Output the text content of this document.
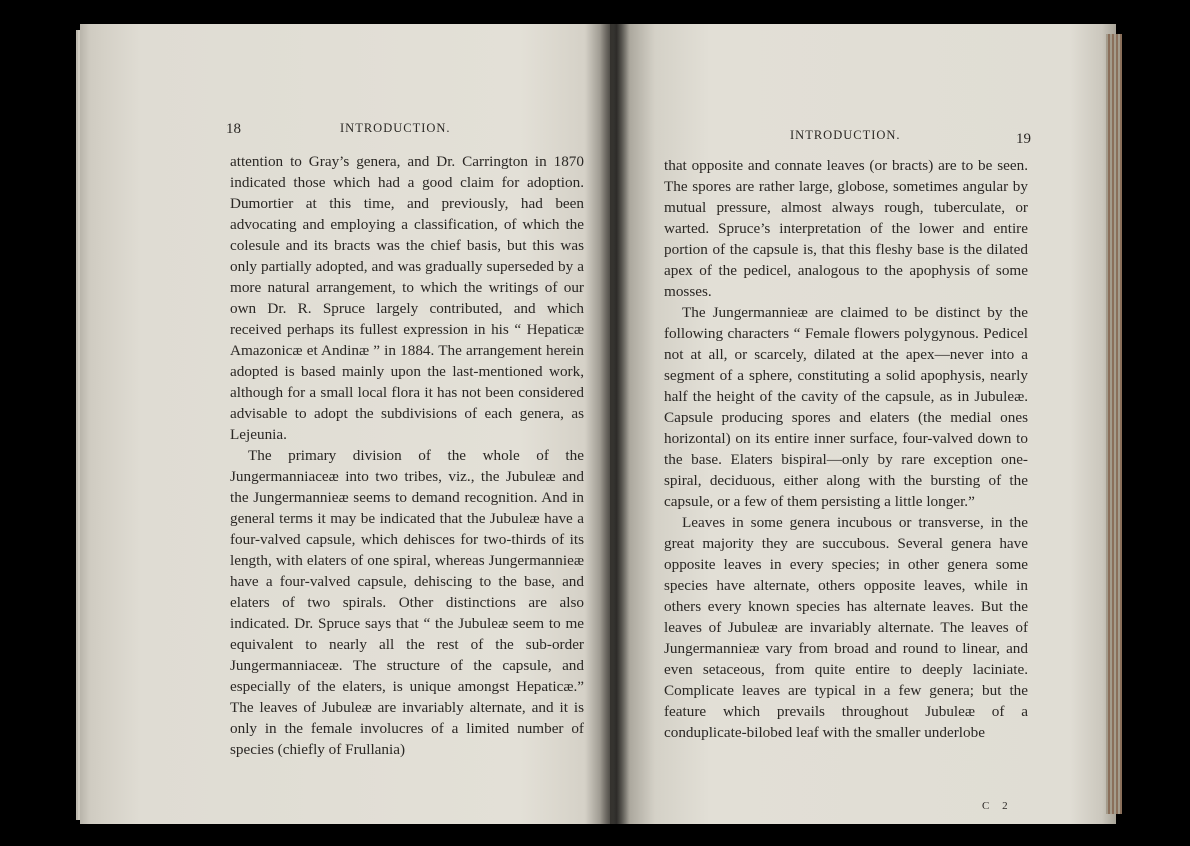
18	INTRODUCTION.

attention to Gray’s genera, and Dr. Carrington in 1870 indicated those which had a good claim for adoption. Dumortier at this time, and previously, had been advocating and employing a classification, of which the colesule and its bracts was the chief basis, but this was only partially adopted, and was gradually superseded by a more natural arrangement, to which the writings of our own Dr. R. Spruce largely contributed, and which received perhaps its fullest expression in his “ Hepaticæ Amazonicæ et Andinæ ” in 1884. The arrangement herein adopted is based mainly upon the last-mentioned work, although for a small local flora it has not been considered advisable to adopt the subdivisions of each genera, as Lejeunia.

The primary division of the whole of the Jungermanniaceæ into two tribes, viz., the Jubuleæ and the Jungermannieæ seems to demand recognition. And in general terms it may be indicated that the Jubuleæ have a four-valved capsule, which dehisces for two-thirds of its length, with elaters of one spiral, whereas Jungermannieæ have a four-valved capsule, dehiscing to the base, and elaters of two spirals. Other distinctions are also indicated. Dr. Spruce says that “ the Jubuleæ seem to me equivalent to nearly all the rest of the sub-order Jungermanniaceæ. The structure of the capsule, and especially of the elaters, is unique amongst Hepaticæ.” The leaves of Jubuleæ are invariably alternate, and it is only in the female involucres of a limited number of species (chiefly of Frullania)

INTRODUCTION.	19

that opposite and connate leaves (or bracts) are to be seen. The spores are rather large, globose, sometimes angular by mutual pressure, almost always rough, tuberculate, or warted. Spruce’s interpretation of the lower and entire portion of the capsule is, that this fleshy base is the dilated apex of the pedicel, analogous to the apophysis of some mosses.

The Jungermannieæ are claimed to be distinct by the following characters “ Female flowers polygynous. Pedicel not at all, or scarcely, dilated at the apex—never into a segment of a sphere, constituting a solid apophysis, nearly half the height of the cavity of the capsule, as in Jubuleæ. Capsule producing spores and elaters (the medial ones horizontal) on its entire inner surface, four-valved down to the base. Elaters bispiral—only by rare exception one-spiral, deciduous, either along with the bursting of the capsule, or a few of them persisting a little longer.”

Leaves in some genera incubous or transverse, in the great majority they are succubous. Several genera have opposite leaves in every species; in other genera some species have alternate, others opposite leaves, while in others every known species has alternate leaves. But the leaves of Jubuleæ are invariably alternate. The leaves of Jungermannieæ vary from broad and round to linear, and even setaceous, from quite entire to deeply laciniate. Complicate leaves are typical in a few genera; but the feature which prevails throughout Jubuleæ of a conduplicate-bilobed leaf with the smaller underlobe

C 2
